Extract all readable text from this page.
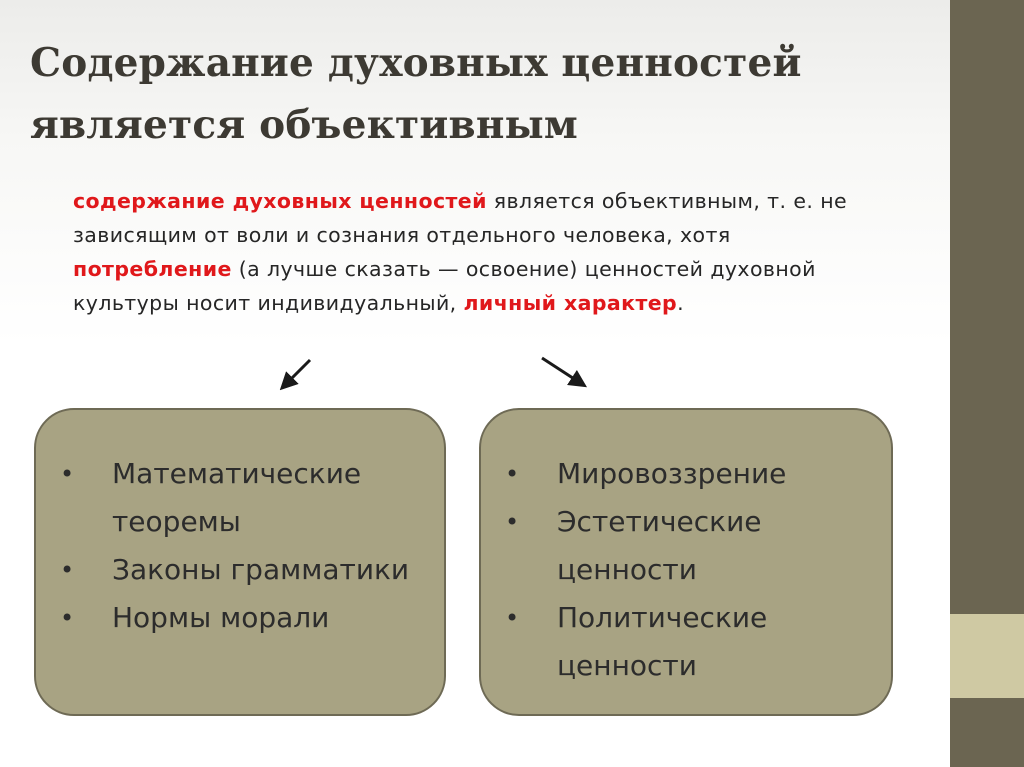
Содержание духовных ценностей
является объективным

содержание духовных ценностей является объективным, т. е. не зависящим от воли и сознания отдельного человека, хотя потребление (а лучше сказать — освоение) ценностей духовной культуры носит индивидуальный, личный характер.

• Математические теоремы
• Законы грамматики
• Нормы морали
• Мировоззрение
• Эстетические ценности
• Политические ценности
